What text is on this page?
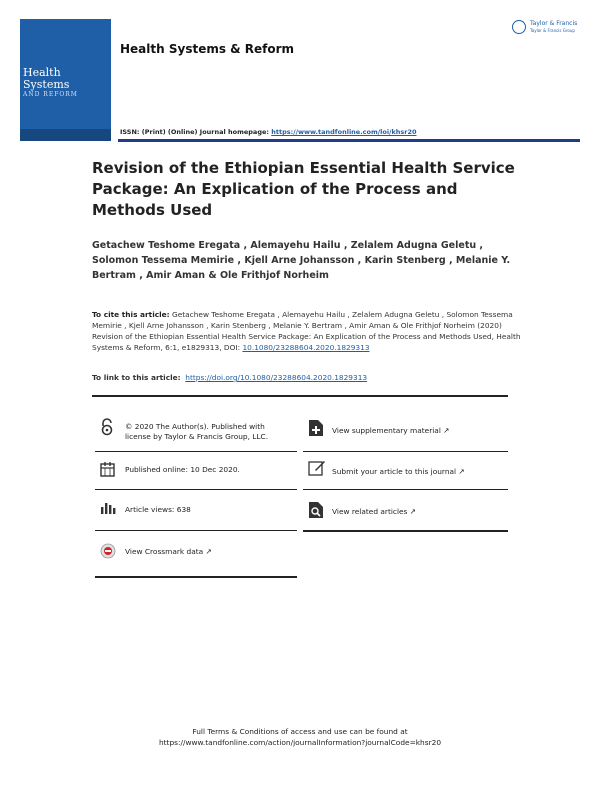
Health Systems
AND REFORM
Health Systems & Reform
Taylor & Francis
Taylor & Francis Group
ISSN: (Print) (Online) Journal homepage: https://www.tandfonline.com/loi/khsr20
Revision of the Ethiopian Essential Health Service Package: An Explication of the Process and Methods Used
Getachew Teshome Eregata , Alemayehu Hailu , Zelalem Adugna Geletu , Solomon Tessema Memirie , Kjell Arne Johansson , Karin Stenberg , Melanie Y. Bertram , Amir Aman & Ole Frithjof Norheim
To cite this article: Getachew Teshome Eregata , Alemayehu Hailu , Zelalem Adugna Geletu , Solomon Tessema Memirie , Kjell Arne Johansson , Karin Stenberg , Melanie Y. Bertram , Amir Aman & Ole Frithjof Norheim (2020) Revision of the Ethiopian Essential Health Service Package: An Explication of the Process and Methods Used, Health Systems & Reform, 6:1, e1829313, DOI: 10.1080/23288604.2020.1829313
To link to this article: https://doi.org/10.1080/23288604.2020.1829313
© 2020 The Author(s). Published with license by Taylor & Francis Group, LLC.
Published online: 10 Dec 2020.
Article views: 638
View Crossmark data ↗
View supplementary material ↗
Submit your article to this journal ↗
View related articles ↗
Full Terms & Conditions of access and use can be found at
https://www.tandfonline.com/action/journalInformation?journalCode=khsr20
